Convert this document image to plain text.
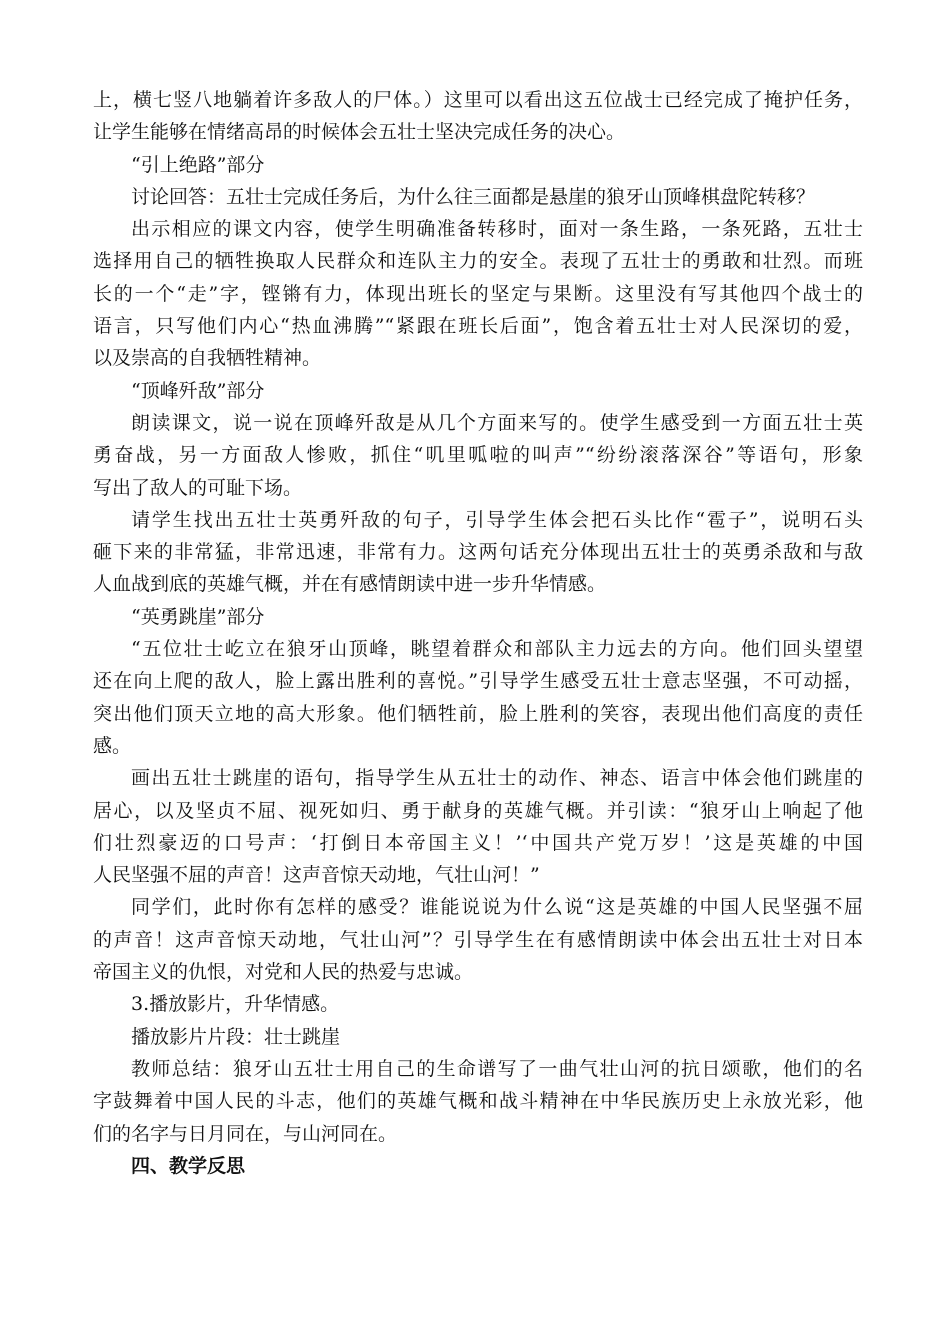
上，横七竖八地躺着许多敌人的尸体。）这里可以看出这五位战士已经完成了掩护任务，
让学生能够在情绪高昂的时候体会五壮士坚决完成任务的决心。
“引上绝路”部分
讨论回答：五壮士完成任务后，为什么往三面都是悬崖的狼牙山顶峰棋盘陀转移？
出示相应的课文内容，使学生明确准备转移时，面对一条生路，一条死路，五壮士
选择用自己的牺牲换取人民群众和连队主力的安全。表现了五壮士的勇敢和壮烈。而班
长的一个“走”字，铿锵有力，体现出班长的坚定与果断。这里没有写其他四个战士的
语言，只写他们内心“热血沸腾”“紧跟在班长后面”，饱含着五壮士对人民深切的爱，
以及崇高的自我牺牲精神。
“顶峰歼敌”部分
朗读课文，说一说在顶峰歼敌是从几个方面来写的。使学生感受到一方面五壮士英
勇奋战，另一方面敌人惨败，抓住“叽里呱啦的叫声”“纷纷滚落深谷”等语句，形象
写出了敌人的可耻下场。
请学生找出五壮士英勇歼敌的句子，引导学生体会把石头比作“雹子”，说明石头
砸下来的非常猛，非常迅速，非常有力。这两句话充分体现出五壮士的英勇杀敌和与敌
人血战到底的英雄气概，并在有感情朗读中进一步升华情感。
“英勇跳崖”部分
“五位壮士屹立在狼牙山顶峰，眺望着群众和部队主力远去的方向。他们回头望望
还在向上爬的敌人，脸上露出胜利的喜悦。”引导学生感受五壮士意志坚强，不可动摇，
突出他们顶天立地的高大形象。他们牺牲前，脸上胜利的笑容，表现出他们高度的责任
感。
画出五壮士跳崖的语句，指导学生从五壮士的动作、神态、语言中体会他们跳崖的
居心，以及坚贞不屈、视死如归、勇于献身的英雄气概。并引读：“狼牙山上响起了他
们壮烈豪迈的口号声：‘打倒日本帝国主义！’‘中国共产党万岁！’这是英雄的中国
人民坚强不屈的声音！这声音惊天动地，气壮山河！”
同学们，此时你有怎样的感受？谁能说说为什么说“这是英雄的中国人民坚强不屈
的声音！这声音惊天动地，气壮山河”？引导学生在有感情朗读中体会出五壮士对日本
帝国主义的仇恨，对党和人民的热爱与忠诚。
3.播放影片，升华情感。
播放影片片段：壮士跳崖
教师总结：狼牙山五壮士用自己的生命谱写了一曲气壮山河的抗日颂歌，他们的名
字鼓舞着中国人民的斗志，他们的英雄气概和战斗精神在中华民族历史上永放光彩，他
们的名字与日月同在，与山河同在。
四、教学反思
